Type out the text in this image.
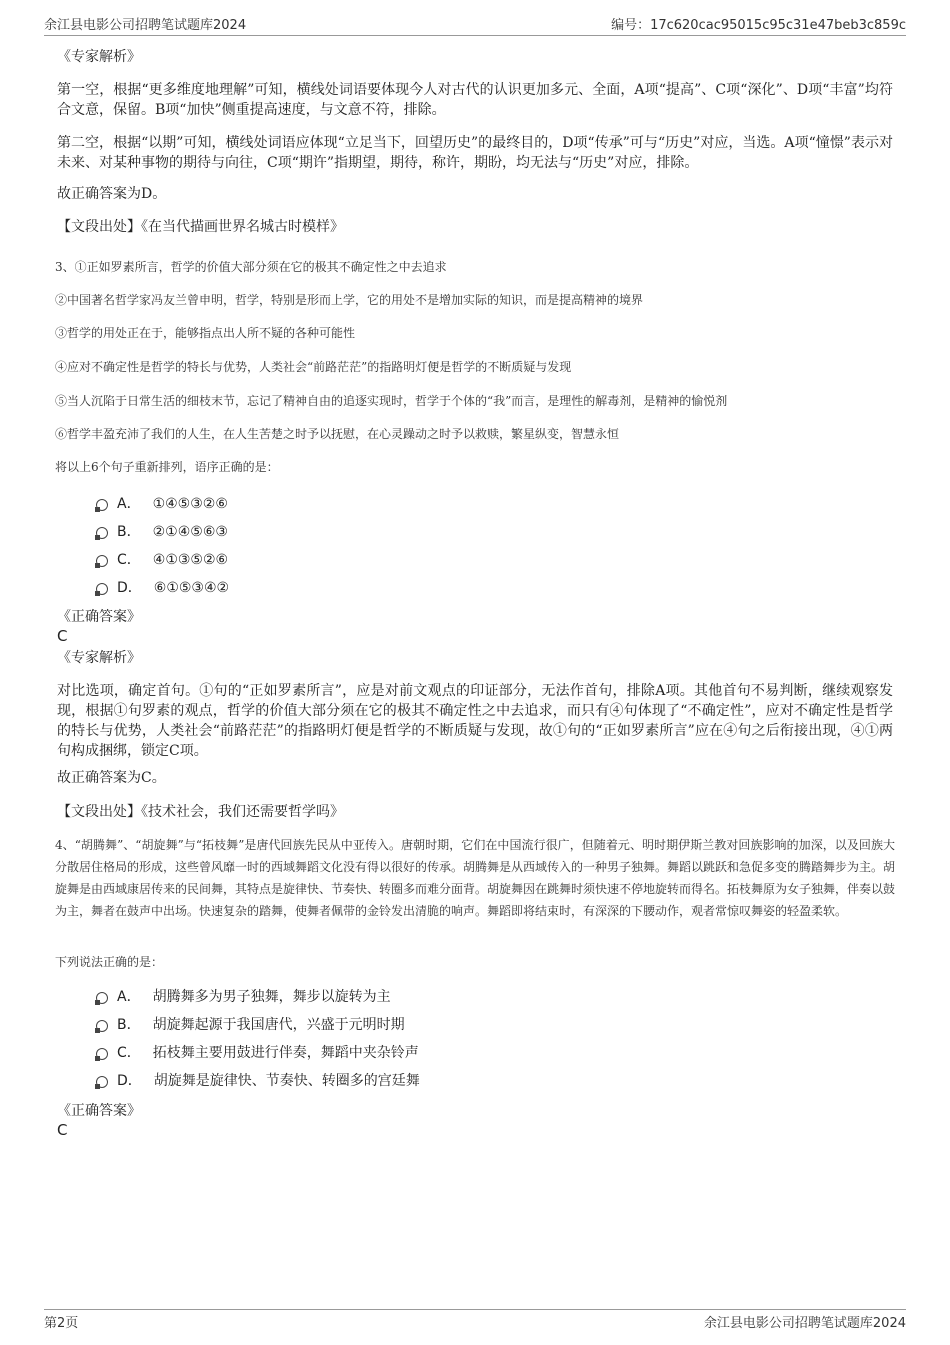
余江县电影公司招聘笔试题库2024	编号：17c620cac95015c95c31e47beb3c859c
《专家解析》
第一空，根据“更多维度地理解”可知，横线处词语要体现今人对古代的认识更加多元、全面，A项“提高”、C项“深化”、D项“丰富”均符合文意，保留。B项“加快”侧重提高速度，与文意不符，排除。
第二空，根据“以期”可知，横线处词语应体现“立足当下，回望历史”的最终目的，D项“传承”可与“历史”对应，当选。A项“憧憬”表示对未来、对某种事物的期待与向往，C项“期许”指期望，期待，称许，期盼，均无法与“历史”对应，排除。
故正确答案为D。
【文段出处】《在当代描画世界名城古时模样》
3、①正如罗素所言，哲学的价值大部分须在它的极其不确定性之中去追求
②中国著名哲学家冯友兰曾申明，哲学，特别是形而上学，它的用处不是增加实际的知识，而是提高精神的境界
③哲学的用处正在于，能够指点出人所不疑的各种可能性
④应对不确定性是哲学的特长与优势，人类社会“前路茫茫”的指路明灯便是哲学的不断质疑与发现
⑤当人沉陷于日常生活的细枝末节，忘记了精神自由的追逐实现时，哲学于个体的“我”而言，是理性的解毒剂，是精神的愉悦剂
⑥哲学丰盈充沛了我们的人生，在人生苦楚之时予以抚慰，在心灵躁动之时予以救赎，繁星纵变，智慧永恒
将以上6个句子重新排列，语序正确的是：
A． ①④⑤③②⑥
B． ②①④⑤⑥③
C． ④①③⑤②⑥
D． ⑥①⑤③④②
《正确答案》
C
《专家解析》
对比选项，确定首句。①句的“正如罗素所言”，应是对前文观点的印证部分，无法作首句，排除A项。其他首句不易判断，继续观察发现，根据①句罗素的观点，哲学的价值大部分须在它的极其不确定性之中去追求，而只有④句体现了“不确定性”，应对不确定性是哲学的特长与优势，人类社会“前路茫茫”的指路明灯便是哲学的不断质疑与发现，故①句的“正如罗素所言”应在④句之后衔接出现，④①两句构成捆绑，锁定C项。
故正确答案为C。
【文段出处】《技术社会，我们还需要哲学吗》
4、“胡腾舞”、“胡旋舞”与“拓枝舞”是唐代回族先民从中亚传入。唐朝时期，它们在中国流行很广，但随着元、明时期伊斯兰教对回族影响的加深，以及回族大分散居住格局的形成，这些曾风靡一时的西域舞蹈文化没有得以很好的传承。胡腾舞是从西域传入的一种男子独舞。舞蹈以跳跃和急促多变的腾踏舞步为主。胡旋舞是由西域康居传来的民间舞，其特点是旋律快、节奏快、转圈多而难分面背。胡旋舞因在跳舞时须快速不停地旋转而得名。拓枝舞原为女子独舞，伴奏以鼓为主，舞者在鼓声中出场。快速复杂的踏舞，使舞者佩带的金铃发出清脆的响声。舞蹈即将结束时，有深深的下腰动作，观者常惊叹舞姿的轻盈柔软。
下列说法正确的是：
A． 胡腾舞多为男子独舞，舞步以旋转为主
B． 胡旋舞起源于我国唐代，兴盛于元明时期
C． 拓枝舞主要用鼓进行伴奏，舞蹈中夹杂铃声
D． 胡旋舞是旋律快、节奏快、转圈多的宫廷舞
《正确答案》
C
第2页	余江县电影公司招聘笔试题库2024
